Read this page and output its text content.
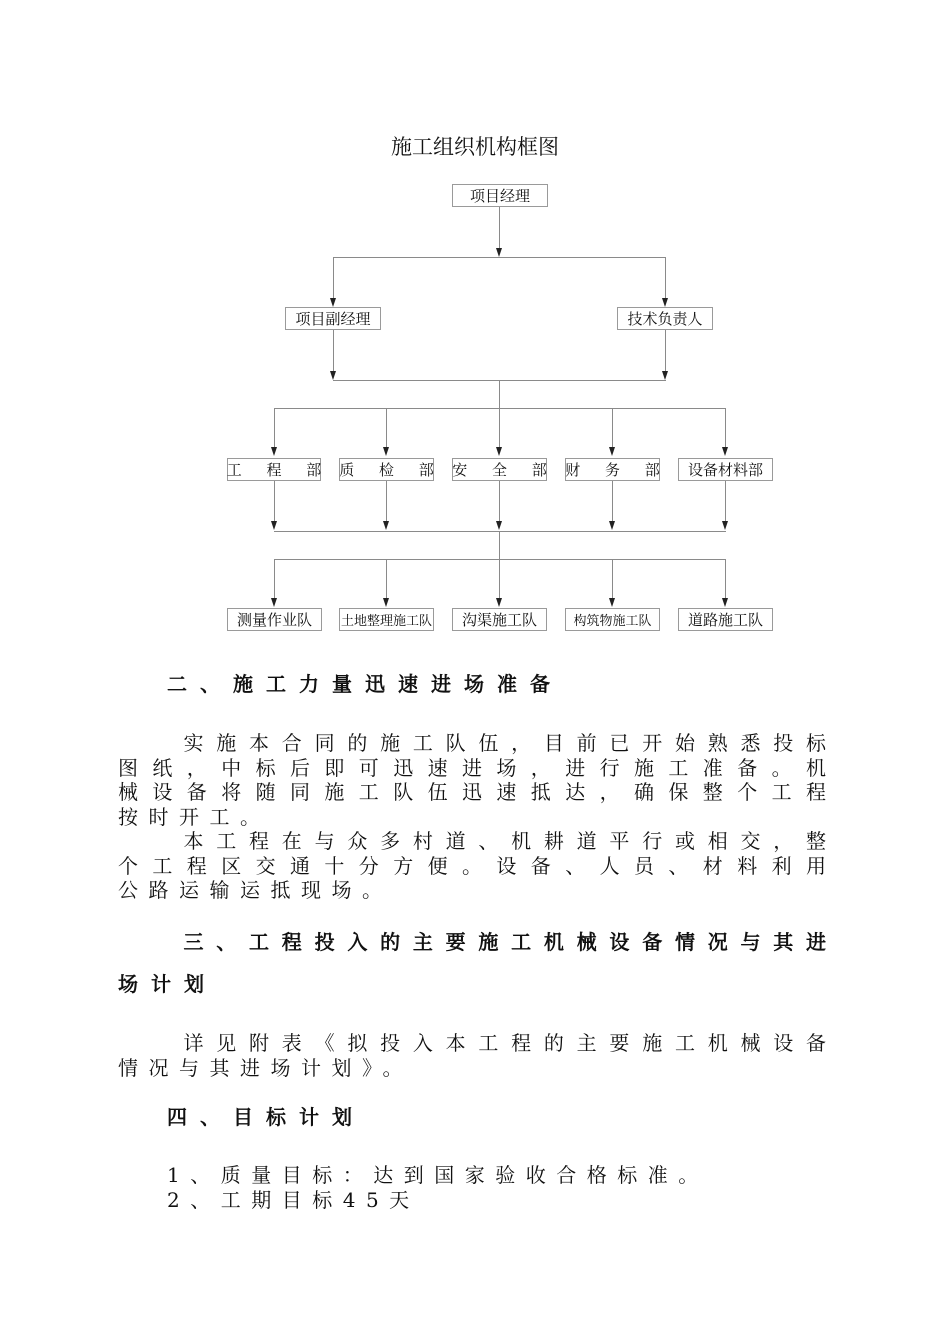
施工组织机构框图
项目经理
项目副经理	技术负责人
工 程 部 质 检 部 安 全 部 财 务 部	设备材料部
测量作业队	土地整理施工队	沟渠施工队	构筑物施工队	道路施工队
二、施工力量迅速进场准备
　　实施本合同的施工队伍，目前已开始熟悉投标
图纸，中标后即可迅速进场，进行施工准备。机
械设备将随同施工队伍迅速抵达，确保整个工程
按时开工。
　　本工程在与众多村道、机耕道平行或相交，整
个工程区交通十分方便。设备、人员、材料利用
公路运输运抵现场。
　　三、工程投入的主要施工机械设备情况与其进
场计划
　　详见附表《拟投入本工程的主要施工机械设备
情况与其进场计划》。
四、目标计划
1、质量目标：达到国家验收合格标准。
2、工期目标45天
